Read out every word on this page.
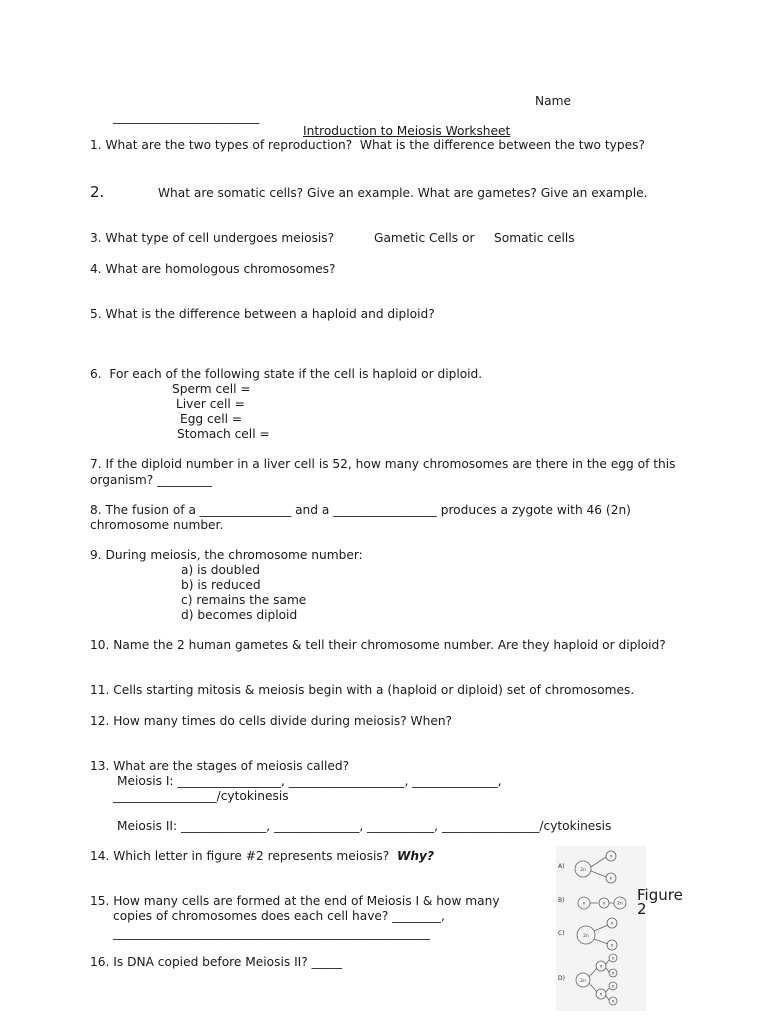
Name
________________________
Introduction to Meiosis Worksheet
1. What are the two types of reproduction?  What is the difference between the two types?
2.	What are somatic cells? Give an example. What are gametes? Give an example.
3. What type of cell undergoes meiosis?	Gametic Cells or Somatic cells
4. What are homologous chromosomes?
5. What is the difference between a haploid and diploid?
6.  For each of the following state if the cell is haploid or diploid.
Sperm cell =
Liver cell =
Egg cell =
Stomach cell =
7. If the diploid number in a liver cell is 52, how many chromosomes are there in the egg of this
organism? _________
8. The fusion of a _______________ and a _________________ produces a zygote with 46 (2n)
chromosome number.
9. During meiosis, the chromosome number:
a) is doubled
b) is reduced
c) remains the same
d) becomes diploid
10. Name the 2 human gametes & tell their chromosome number. Are they haploid or diploid?
11. Cells starting mitosis & meiosis begin with a (haploid or diploid) set of chromosomes.
12. How many times do cells divide during meiosis? When?
13. What are the stages of meiosis called?
Meiosis I: _________________, ___________________, ______________,
_________________/cytokinesis
Meiosis II: ______________, ______________, ___________, ________________/cytokinesis
14. Which letter in figure #2 represents meiosis? Why?
15. How many cells are formed at the end of Meiosis I & how many
copies of chromosomes does each cell have? ________,
____________________________________________________
16. Is DNA copied before Meiosis II? _____
A)
B)
C)
D)
2n
n
n
n	n	2n
2n
n
n
2n
n
n
n
n
n
n
Figure
2
